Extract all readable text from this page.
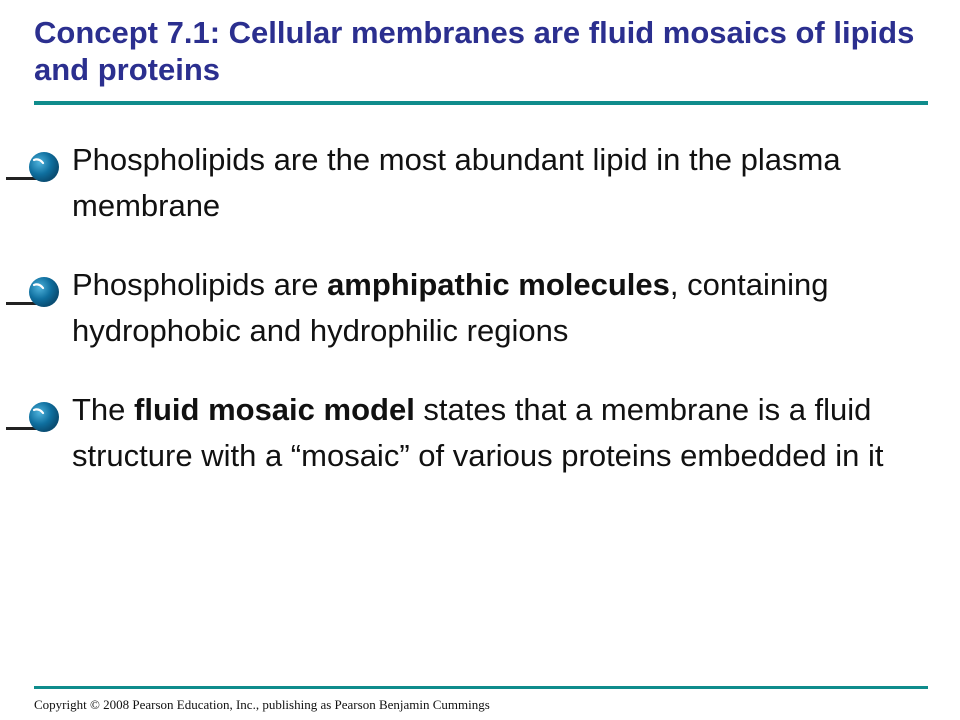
Concept 7.1: Cellular membranes are fluid mosaics of lipids and proteins
Phospholipids are the most abundant lipid in the plasma membrane
Phospholipids are amphipathic molecules, containing hydrophobic and hydrophilic regions
The fluid mosaic model states that a membrane is a fluid structure with a “mosaic” of various proteins embedded in it
Copyright © 2008 Pearson Education, Inc., publishing as Pearson Benjamin Cummings
